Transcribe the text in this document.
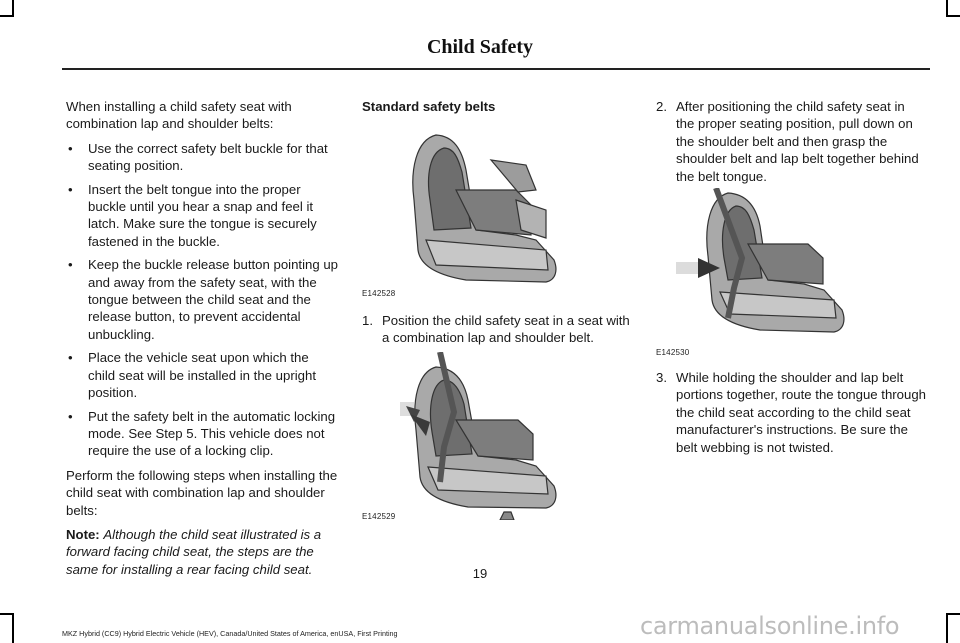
Child Safety

When installing a child safety seat with combination lap and shoulder belts:

• Use the correct safety belt buckle for that seating position.
• Insert the belt tongue into the proper buckle until you hear a snap and feel it latch. Make sure the tongue is securely fastened in the buckle.
• Keep the buckle release button pointing up and away from the safety seat, with the tongue between the child seat and the release button, to prevent accidental unbuckling.
• Place the vehicle seat upon which the child seat will be installed in the upright position.
• Put the safety belt in the automatic locking mode. See Step 5. This vehicle does not require the use of a locking clip.

Perform the following steps when installing the child seat with combination lap and shoulder belts:

Note: Although the child seat illustrated is a forward facing child seat, the steps are the same for installing a rear facing child seat.

Standard safety belts
E142528
1. Position the child safety seat in a seat with a combination lap and shoulder belt.
E142529
2. After positioning the child safety seat in the proper seating position, pull down on the shoulder belt and then grasp the shoulder belt and lap belt together behind the belt tongue.
E142530
3. While holding the shoulder and lap belt portions together, route the tongue through the child seat according to the child seat manufacturer's instructions. Be sure the belt webbing is not twisted.
19
MKZ Hybrid (CC9) Hybrid Electric Vehicle (HEV), Canada/United States of America, enUSA, First Printing	carmanualsonline.info
